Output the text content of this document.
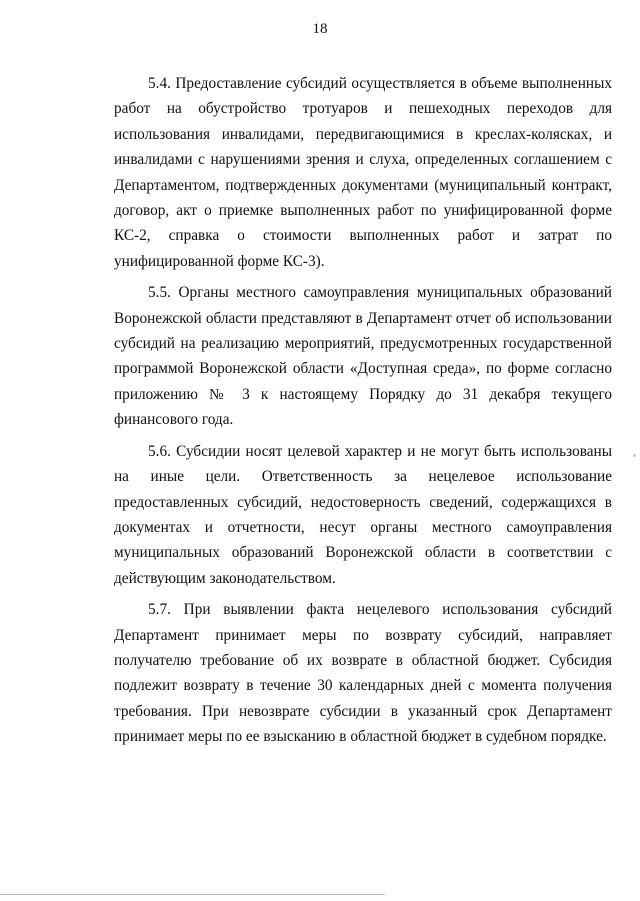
18

5.4. Предоставление субсидий осуществляется в объеме выполненных работ на обустройство тротуаров и пешеходных переходов для использования инвалидами, передвигающимися в креслах-колясках, и инвалидами с нарушениями зрения и слуха, определенных соглашением с Департаментом, подтвержденных документами (муниципальный контракт, договор, акт о приемке выполненных работ по унифицированной форме КС-2, справка о стоимости выполненных работ и затрат по унифицированной форме КС-3).

5.5. Органы местного самоуправления муниципальных образований Воронежской области представляют в Департамент отчет об использовании субсидий на реализацию мероприятий, предусмотренных государственной программой Воронежской области «Доступная среда», по форме согласно приложению № 3 к настоящему Порядку до 31 декабря текущего финансового года.

5.6. Субсидии носят целевой характер и не могут быть использованы на иные цели. Ответственность за нецелевое использование предоставленных субсидий, недостоверность сведений, содержащихся в документах и отчетности, несут органы местного самоуправления муниципальных образований Воронежской области в соответствии с действующим законодательством.

5.7. При выявлении факта нецелевого использования субсидий Департамент принимает меры по возврату субсидий, направляет получателю требование об их возврате в областной бюджет. Субсидия подлежит возврату в течение 30 календарных дней с момента получения требования. При невозврате субсидии в указанный срок Департамент принимает меры по ее взысканию в областной бюджет в судебном порядке.
